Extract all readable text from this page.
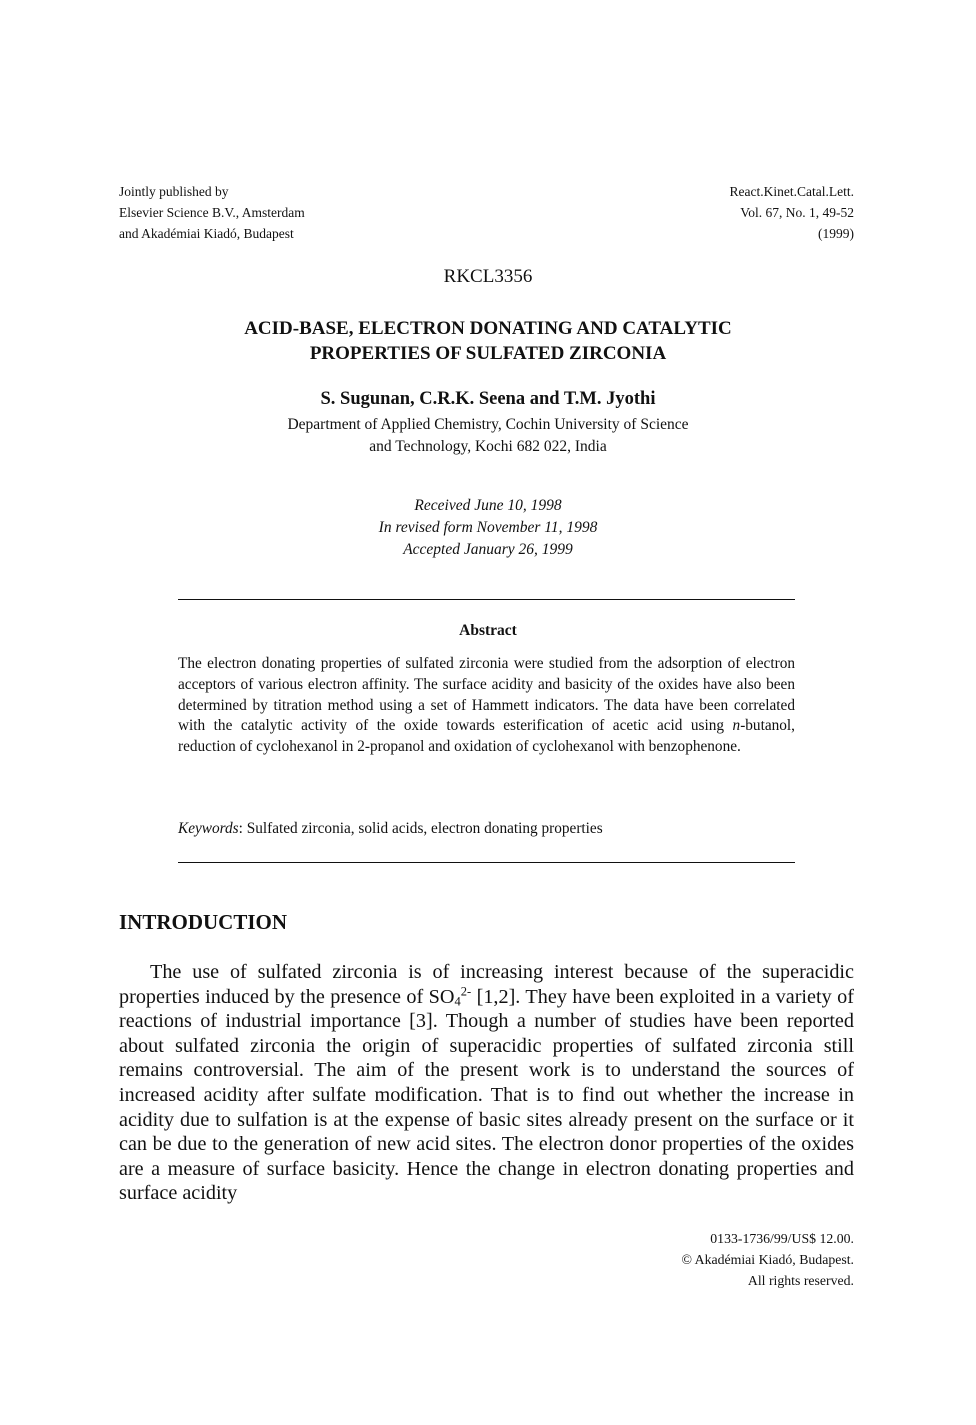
Jointly published by
Elsevier Science B.V., Amsterdam
and Akadémiai Kiadó, Budapest
React.Kinet.Catal.Lett.
Vol. 67, No. 1, 49-52
(1999)
RKCL3356
ACID-BASE, ELECTRON DONATING AND CATALYTIC
PROPERTIES OF SULFATED ZIRCONIA
S. Sugunan, C.R.K. Seena and T.M. Jyothi
Department of Applied Chemistry, Cochin University of Science
and Technology, Kochi 682 022, India
Received June 10, 1998
In revised form November 11, 1998
Accepted January 26, 1999
Abstract
The electron donating properties of sulfated zirconia were studied from the adsorption of electron acceptors of various electron affinity. The surface acidity and basicity of the oxides have also been determined by titration method using a set of Hammett indicators. The data have been correlated with the catalytic activity of the oxide towards esterification of acetic acid using n-butanol, reduction of cyclohexanol in 2-propanol and oxidation of cyclohexanol with benzophenone.
Keywords: Sulfated zirconia, solid acids, electron donating properties
INTRODUCTION

The use of sulfated zirconia is of increasing interest because of the superacidic properties induced by the presence of $SO_4^{2-}$ [1,2]. They have been exploited in a variety of reactions of industrial importance [3]. Though a number of studies have been reported about sulfated zirconia the origin of superacidic properties of sulfated zirconia still remains controversial. The aim of the present work is to understand the sources of increased acidity after sulfate modification. That is to find out whether the increase in acidity due to sulfation is at the expense of basic sites already present on the surface or it can be due to the generation of new acid sites. The electron donor properties of the oxides are a measure of surface basicity. Hence the change in electron donating properties and surface acidity

0133-1736/99/US$ 12.00.
© Akadémiai Kiadó, Budapest.
All rights reserved.
